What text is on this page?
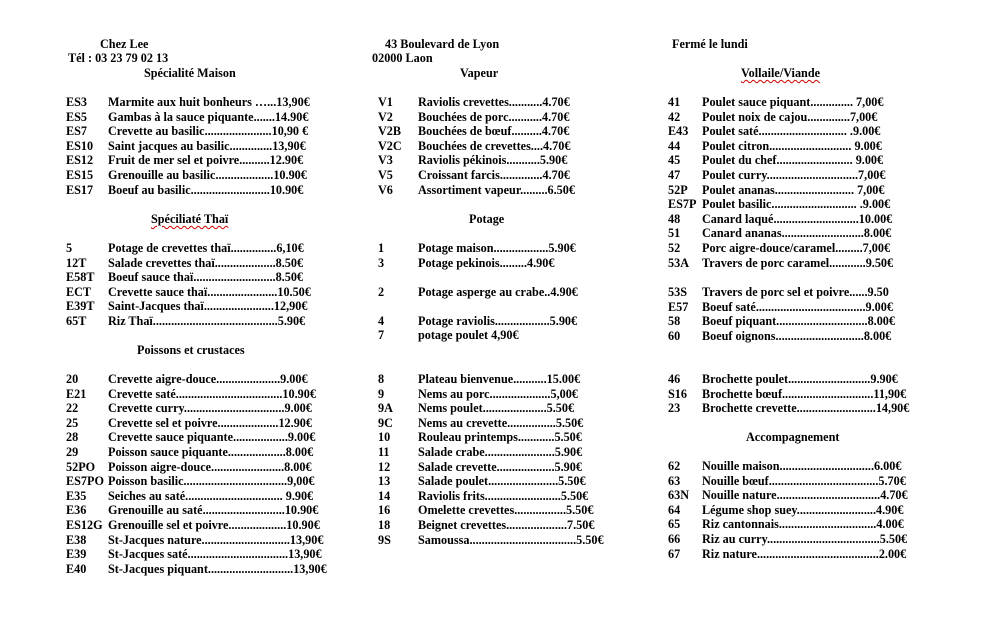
Chez Lee
Tél : 03 23 79 02 13
43 Boulevard de Lyon
02000 Laon
Fermé le lundi
Spécialité Maison
Spéciliaté Thaï
Poissons et crustaces
Vapeur
Potage
Vollaile/Viande
Accompagnement
ES3 Marmite aux huit bonheurs …...13,90€
ES5 Gambas à la sauce piquante.......14.90€
ES7 Crevette au basilic......................10,90 €
ES10 Saint jacques au basilic..............13,90€
ES12 Fruit de mer sel et poivre..........12.90€
ES15 Grenouille au basilic...................10.90€
ES17 Boeuf au basilic..........................10.90€
5	Potage de crevettes thaï...............6,10€
12T Salade crevettes thaï....................8.50€
E58T Boeuf sauce thaï...........................8.50€
ECT Crevette sauce thaï.......................10.50€
E39T Saint-Jacques thaï.......................12,90€
65T Riz Thaï.........................................5.90€
20 Crevette aigre-douce.....................9.00€
E21 Crevette saté...................................10.90€
22 Crevette curry.................................9.00€
25 Crevette sel et poivre....................12.90€
28 Crevette sauce piquante..................9.00€
29 Poisson sauce piquante...................8.00€
52PO Poisson aigre-douce........................8.00€
ES7PO Poisson basilic..................................9,00€
E35 Seiches au saté................................ 9.90€
E36 Grenouille au saté...........................10.90€
ES12G Grenouille sel et poivre...................10.90€
E38 St-Jacques nature.............................13,90€
E39 St-Jacques saté.................................13,90€
E40 St-Jacques piquant............................13,90€
V1 Raviolis crevettes...........4.70€
V2 Bouchées de porc...........4.70€
V2B Bouchées de bœuf..........4.70€
V2C Bouchées de crevettes....4.70€
V3 Raviolis pékinois...........5.90€
V5 Croissant farcis..............4.70€
V6 Assortiment vapeur.........6.50€
1	Potage maison..................5.90€
3	Potage pekinois.........4.90€
2	Potage asperge au crabe..4.90€
4	Potage raviolis..................5.90€
7	potage poulet 4,90€
8	Plateau bienvenue...........15.00€
9	Nems au porc....................5,00€
9A Nems poulet.....................5.50€
9C Nems au crevette................5.50€
10 Rouleau printemps............5.50€
11 Salade crabe.......................5.90€
12 Salade crevette...................5.90€
13 Salade poulet.......................5.50€
14 Raviolis frits.........................5.50€
16 Omelette crevettes.................5.50€
18 Beignet crevettes....................7.50€
9S Samoussa...................................5.50€
41 Poulet sauce piquant.............. 7,00€
42 Poulet noix de cajou..............7,00€
E43 Poulet saté............................. .9.00€
44 Poulet citron........................... 9.00€
45 Poulet du chef......................... 9.00€
47 Poulet curry..............................7,00€
52P Poulet ananas.......................... 7,00€
ES7P Poulet basilic............................ .9.00€
48 Canard laqué............................10.00€
51 Canard ananas...........................8.00€
52 Porc aigre-douce/caramel.........7,00€
53A Travers de porc caramel............9.50€
53S Travers de porc sel et poivre......9.50
E57 Boeuf saté....................................9.00€
58 Boeuf piquant..............................8.00€
60 Boeuf oignons.............................8.00€
46 Brochette poulet...........................9.90€
S16 Brochette bœuf..............................11,90€
23 Brochette crevette..........................14,90€
62 Nouille maison...............................6.00€
63 Nouille bœuf....................................5.70€
63N Nouille nature..................................4.70€
64 Légume shop suey..........................4.90€
65 Riz cantonnais................................4.00€
66 Riz au curry.....................................5.50€
67 Riz nature........................................2.00€
